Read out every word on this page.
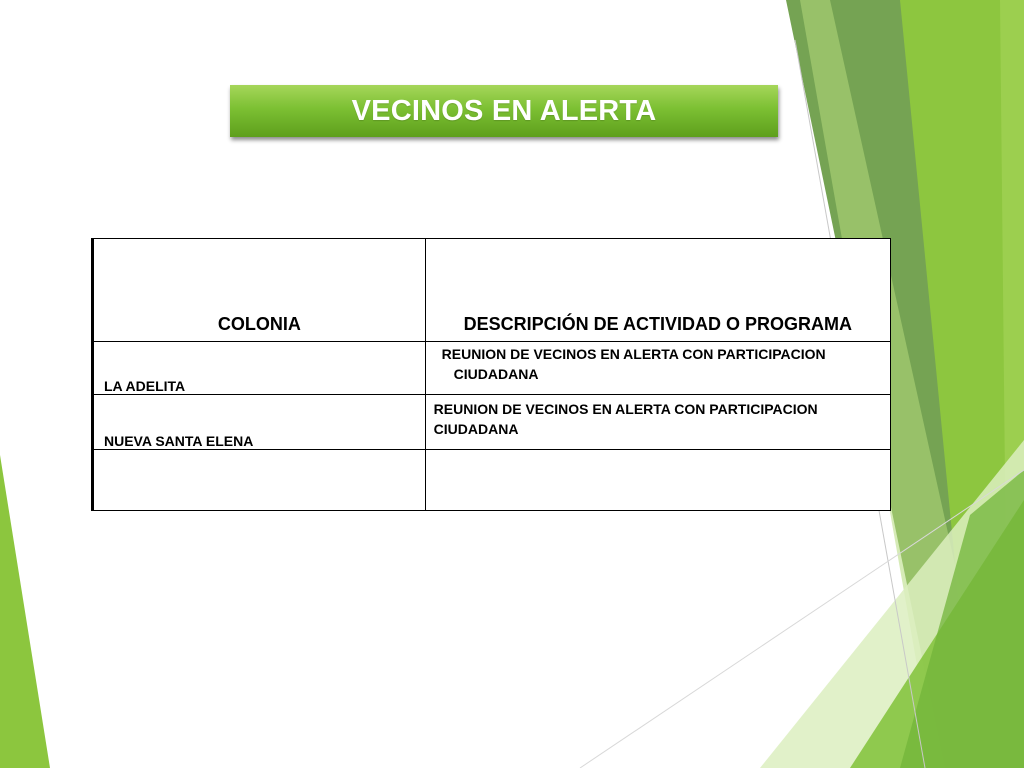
VECINOS EN ALERTA
COLONIA	DESCRIPCIÓN DE ACTIVIDAD O PROGRAMA
LA ADELITA	REUNION DE VECINOS EN ALERTA CON PARTICIPACION
CIUDADANA

NUEVA SANTA ELENA	REUNION DE VECINOS EN ALERTA CON PARTICIPACION
CIUDADANA
